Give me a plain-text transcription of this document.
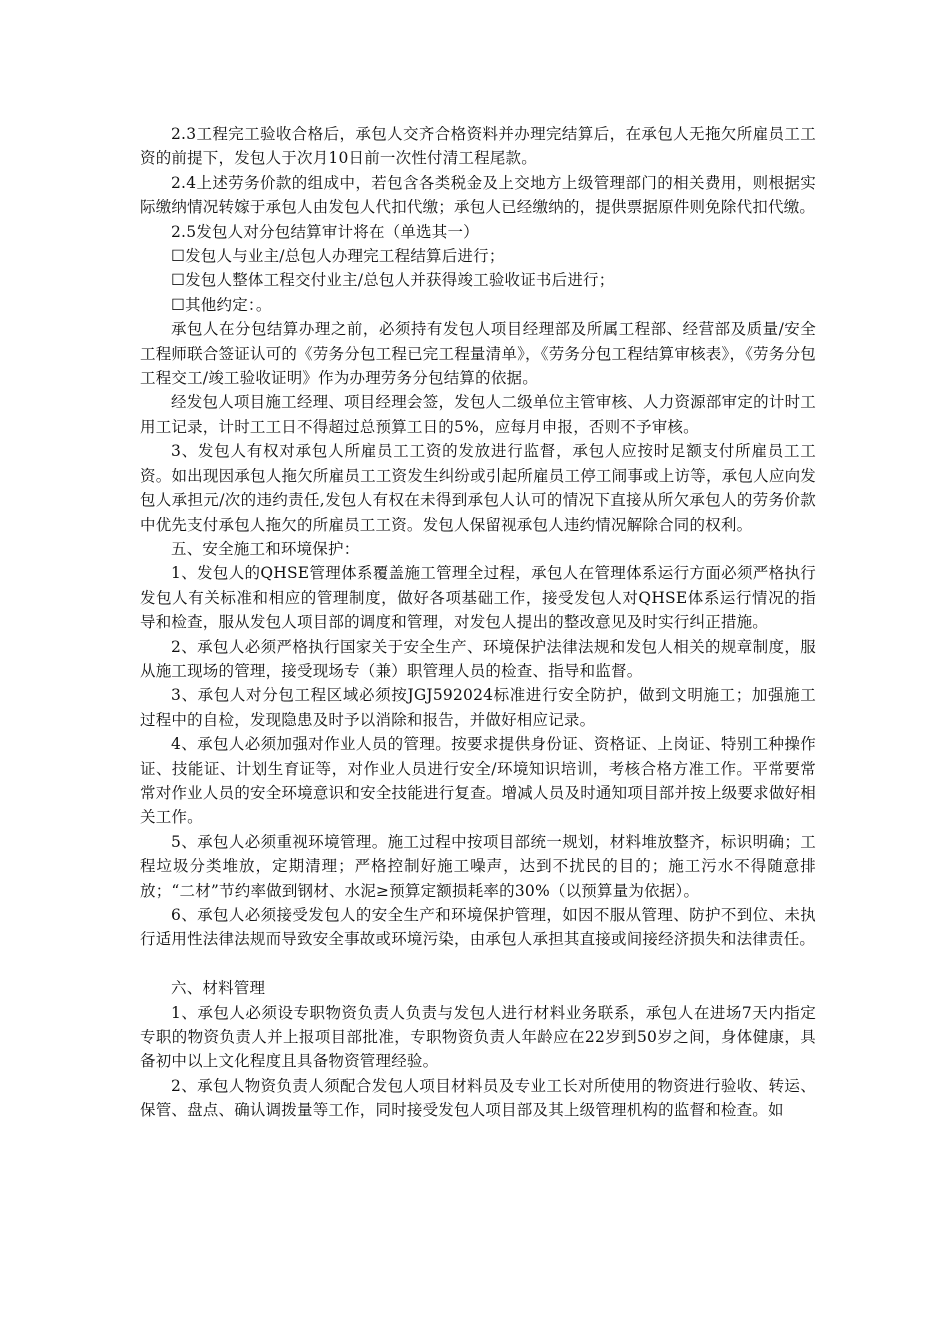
2.3工程完工验收合格后，承包人交齐合格资料并办理完结算后，在承包人无拖欠所雇员工工资的前提下，发包人于次月10日前一次性付清工程尾款。

2.4上述劳务价款的组成中，若包含各类税金及上交地方上级管理部门的相关费用，则根据实际缴纳情况转嫁于承包人由发包人代扣代缴；承包人已经缴纳的，提供票据原件则免除代扣代缴。

2.5发包人对分包结算审计将在（单选其一）

☐发包人与业主/总包人办理完工程结算后进行；

☐发包人整体工程交付业主/总包人并获得竣工验收证书后进行；

☐其他约定：。

承包人在分包结算办理之前，必须持有发包人项目经理部及所属工程部、经营部及质量/安全工程师联合签证认可的《劳务分包工程已完工程量清单》，《劳务分包工程结算审核表》，《劳务分包工程交工/竣工验收证明》作为办理劳务分包结算的依据。

经发包人项目施工经理、项目经理会签，发包人二级单位主管审核、人力资源部审定的计时工用工记录，计时工工日不得超过总预算工日的5%，应每月申报，否则不予审核。

3、发包人有权对承包人所雇员工工资的发放进行监督，承包人应按时足额支付所雇员工工资。如出现因承包人拖欠所雇员工工资发生纠纷或引起所雇员工停工闹事或上访等，承包人应向发包人承担元/次的违约责任,发包人有权在未得到承包人认可的情况下直接从所欠承包人的劳务价款中优先支付承包人拖欠的所雇员工工资。发包人保留视承包人违约情况解除合同的权利。

五、安全施工和环境保护：

1、发包人的QHSE管理体系覆盖施工管理全过程，承包人在管理体系运行方面必须严格执行发包人有关标准和相应的管理制度，做好各项基础工作，接受发包人对QHSE体系运行情况的指导和检查，服从发包人项目部的调度和管理，对发包人提出的整改意见及时实行纠正措施。

2、承包人必须严格执行国家关于安全生产、环境保护法律法规和发包人相关的规章制度，服从施工现场的管理，接受现场专（兼）职管理人员的检查、指导和监督。

3、承包人对分包工程区域必须按JGJ592024标准进行安全防护，做到文明施工；加强施工过程中的自检，发现隐患及时予以消除和报告，并做好相应记录。

4、承包人必须加强对作业人员的管理。按要求提供身份证、资格证、上岗证、特别工种操作证、技能证、计划生育证等，对作业人员进行安全/环境知识培训，考核合格方准工作。平常要常常对作业人员的安全环境意识和安全技能进行复查。增减人员及时通知项目部并按上级要求做好相关工作。

5、承包人必须重视环境管理。施工过程中按项目部统一规划，材料堆放整齐，标识明确；工程垃圾分类堆放，定期清理；严格控制好施工噪声，达到不扰民的目的；施工污水不得随意排放；“二材”节约率做到钢材、水泥≥预算定额损耗率的30%（以预算量为依据）。

6、承包人必须接受发包人的安全生产和环境保护管理，如因不服从管理、防护不到位、未执行适用性法律法规而导致安全事故或环境污染，由承包人承担其直接或间接经济损失和法律责任。

六、材料管理

1、承包人必须设专职物资负责人负责与发包人进行材料业务联系，承包人在进场7天内指定专职的物资负责人并上报项目部批准，专职物资负责人年龄应在22岁到50岁之间，身体健康，具备初中以上文化程度且具备物资管理经验。

2、承包人物资负责人须配合发包人项目材料员及专业工长对所使用的物资进行验收、转运、保管、盘点、确认调拨量等工作，同时接受发包人项目部及其上级管理机构的监督和检查。如
